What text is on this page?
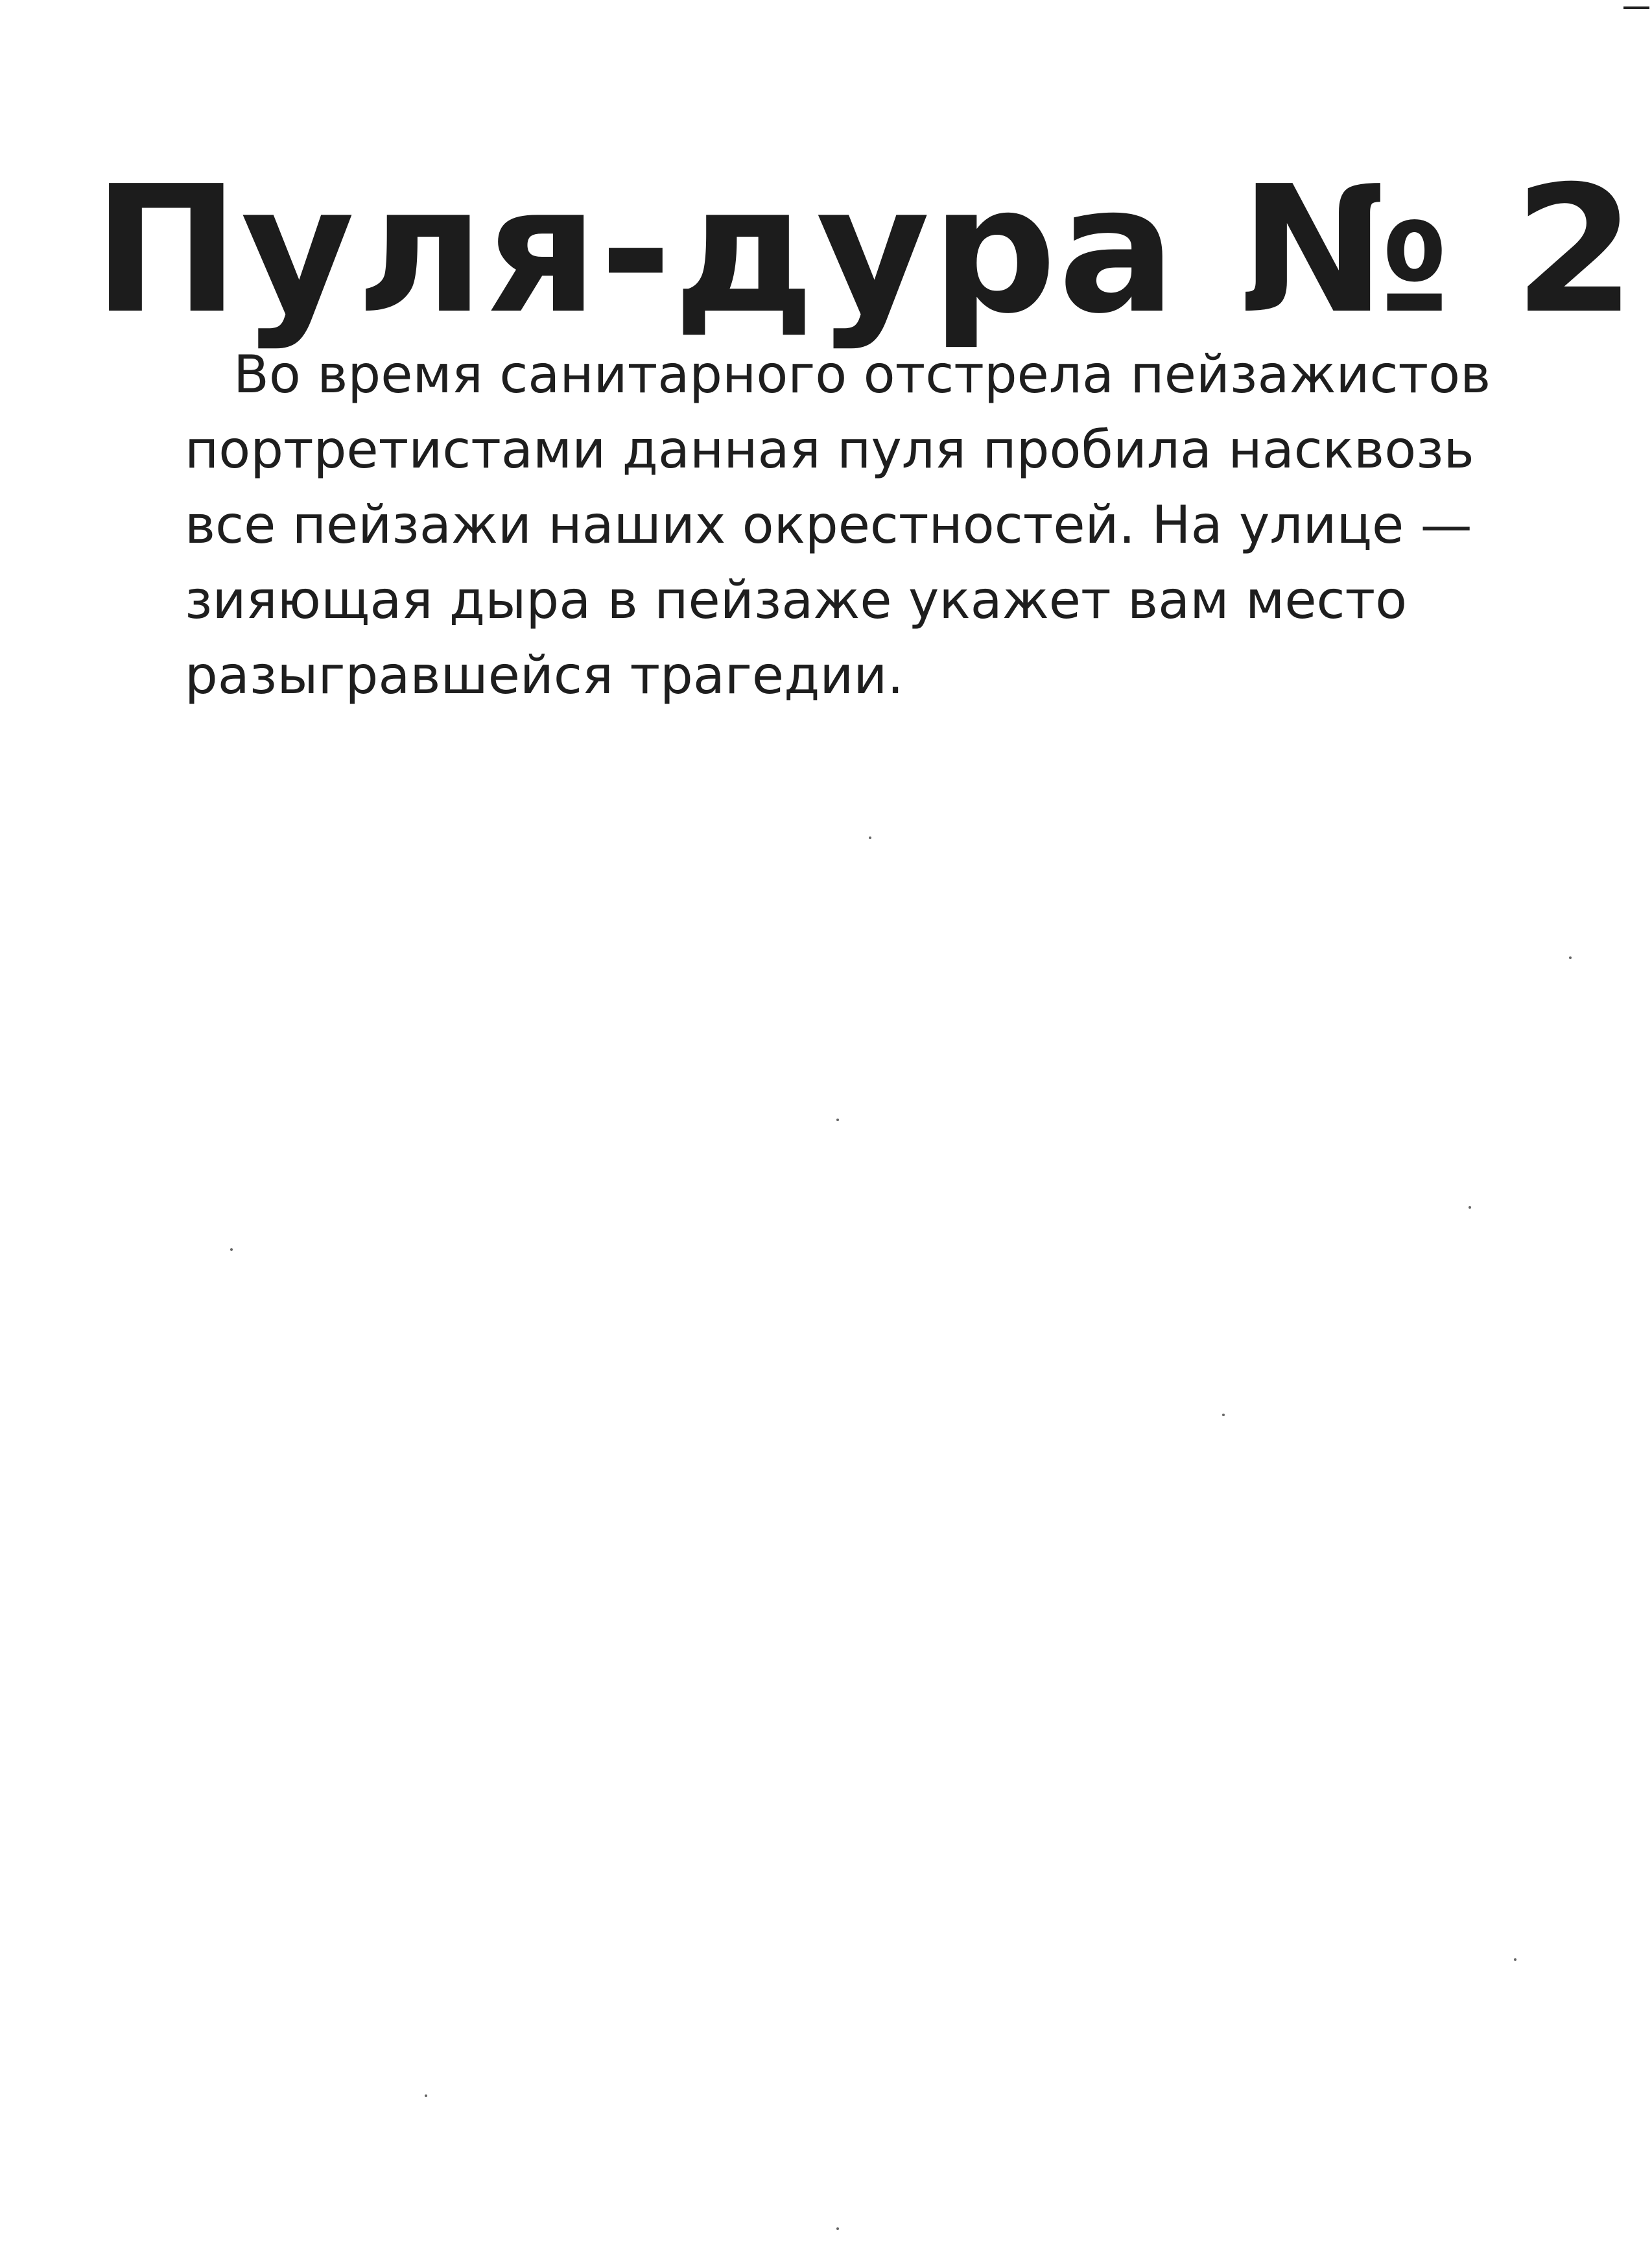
Пуля-дура № 2
Во время санитарного отстрела пейзажистов
портретистами данная пуля пробила насквозь
все пейзажи наших окрестностей. На улице —
зияющая дыра в пейзаже укажет вам место
разыгравшейся трагедии.
